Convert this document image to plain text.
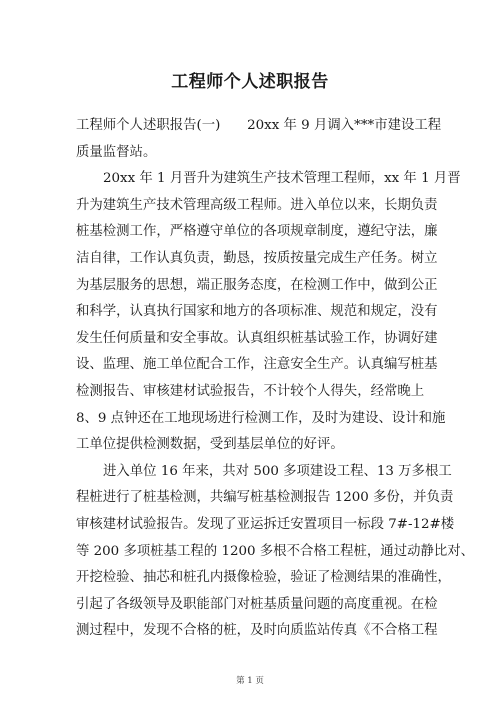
工程师个人述职报告
工程师个人述职报告(一)　　20xx 年 9 月调入***市建设工程
质量监督站。
20xx 年 1 月晋升为建筑生产技术管理工程师，xx 年 1 月晋
升为建筑生产技术管理高级工程师。进入单位以来，长期负责
桩基检测工作，严格遵守单位的各项规章制度，遵纪守法，廉
洁自律，工作认真负责，勤恳，按质按量完成生产任务。树立
为基层服务的思想，端正服务态度，在检测工作中，做到公正
和科学，认真执行国家和地方的各项标准、规范和规定，没有
发生任何质量和安全事故。认真组织桩基试验工作，协调好建
设、监理、施工单位配合工作，注意安全生产。认真编写桩基
检测报告、审核建材试验报告，不计较个人得失，经常晚上
8、9 点钟还在工地现场进行检测工作，及时为建设、设计和施
工单位提供检测数据，受到基层单位的好评。
进入单位 16 年来，共对 500 多项建设工程、13 万多根工
程桩进行了桩基检测，共编写桩基检测报告 1200 多份，并负责
审核建材试验报告。发现了亚运拆迁安置项目一标段 7#-12#楼
等 200 多项桩基工程的 1200 多根不合格工程桩，通过动静比对、
开挖检验、抽芯和桩孔内摄像检验，验证了检测结果的准确性，
引起了各级领导及职能部门对桩基质量问题的高度重视。在检
测过程中，发现不合格的桩，及时向质监站传真《不合格工程
第 1 页
